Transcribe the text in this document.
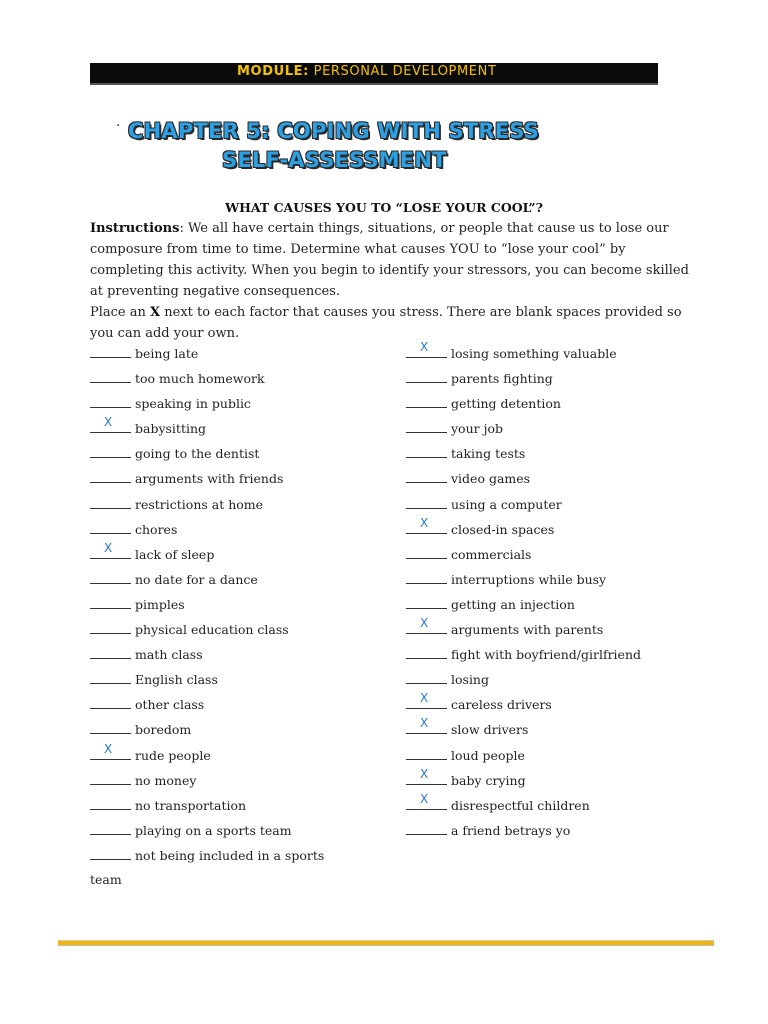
MODULE: PERSONAL DEVELOPMENT
· CHAPTER 5: COPING WITH STRESS
SELF-ASSESSMENT
WHAT CAUSES YOU TO “LOSE YOUR COOL”?
Instructions: We all have certain things, situations, or people that cause us to lose our composure from time to time. Determine what causes YOU to “lose your cool” by completing this activity. When you begin to identify your stressors, you can become skilled at preventing negative consequences.
Place an X next to each factor that causes you stress. There are blank spaces provided so you can add your own.
being late
too much homework
speaking in public
X babysitting
going to the dentist
arguments with friends
restrictions at home
chores
X lack of sleep
no date for a dance
pimples
physical education class
math class
English class
other class
boredom
X rude people
no money
no transportation
playing on a sports team
not being included in a sports
X losing something valuable
parents fighting
getting detention
your job
taking tests
video games
using a computer
X closed-in spaces
commercials
interruptions while busy
getting an injection
X arguments with parents
fight with boyfriend/girlfriend
losing
X careless drivers
X slow drivers
loud people
X baby crying
X disrespectful children
a friend betrays yo
team
